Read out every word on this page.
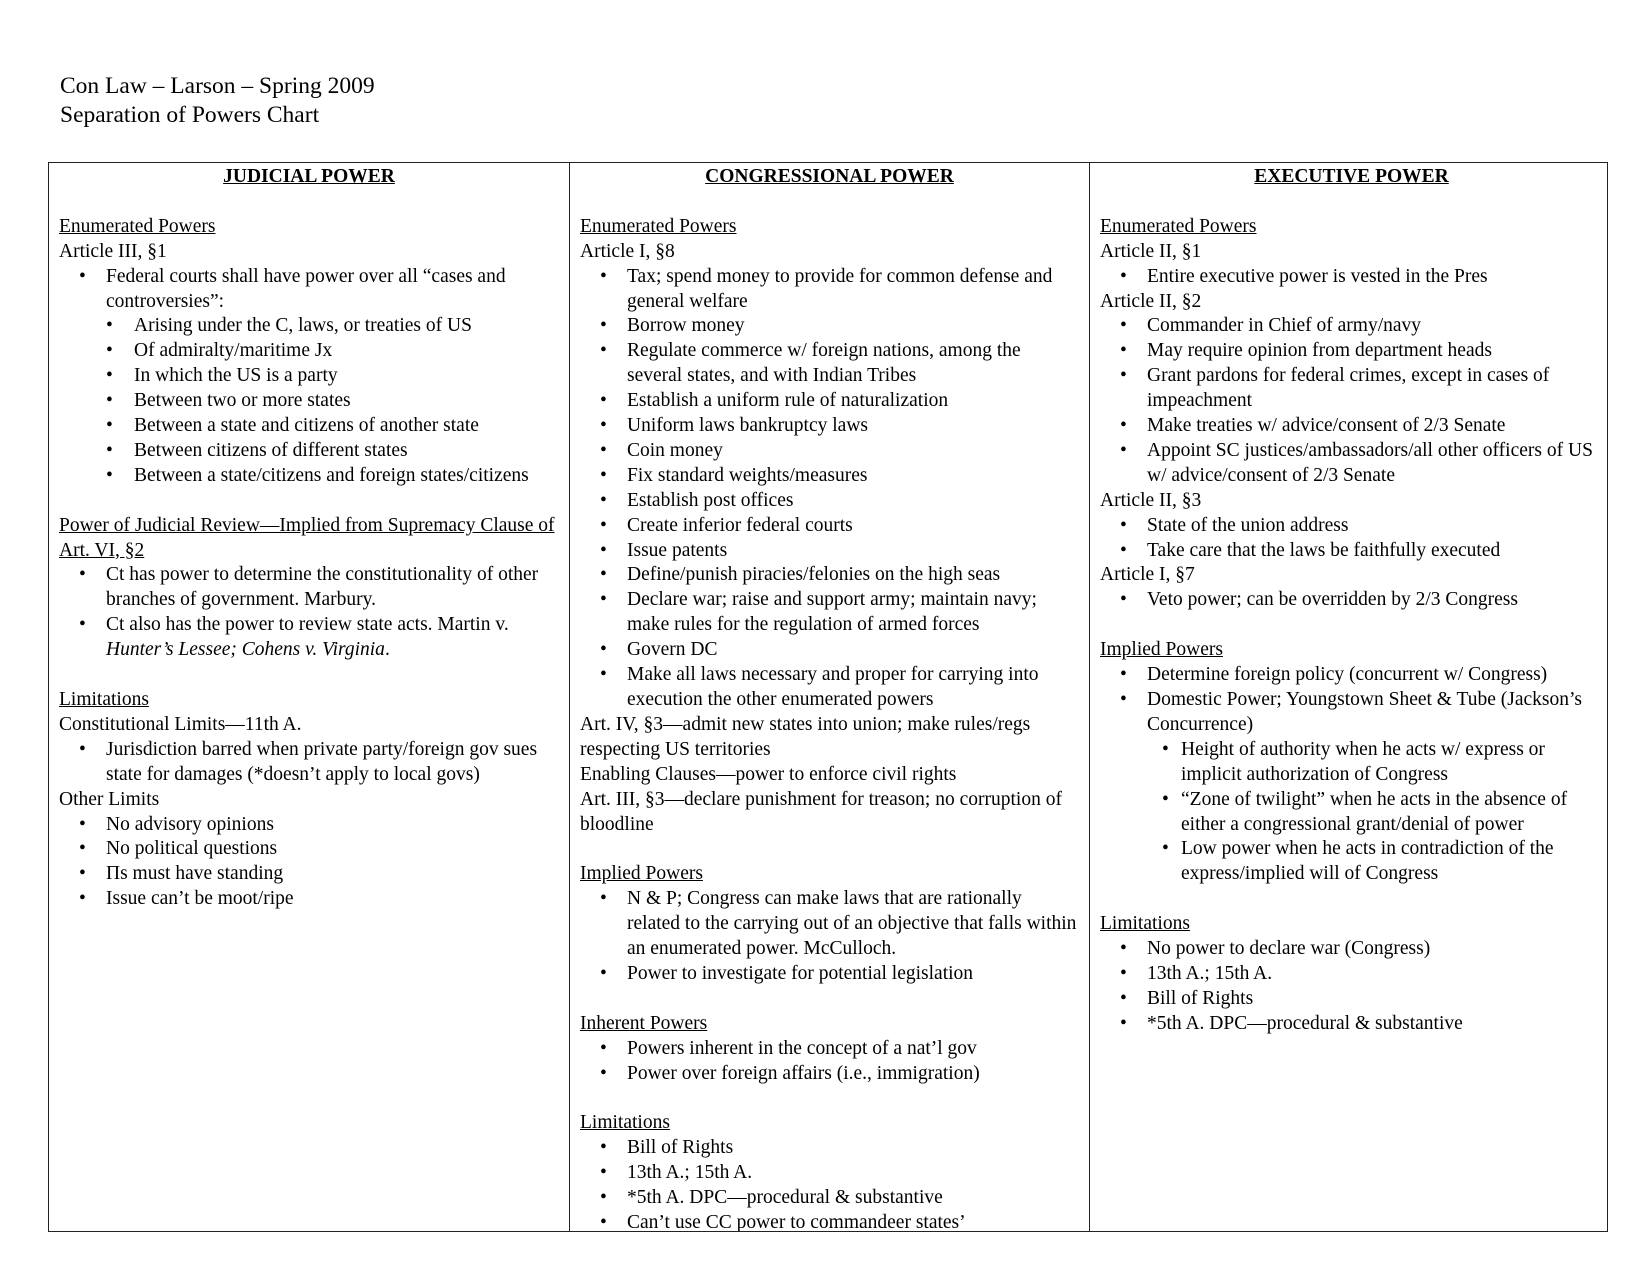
Con Law – Larson – Spring 2009
Separation of Powers Chart
JUDICIAL POWER
Enumerated Powers
Article III, §1
• Federal courts shall have power over all “cases and controversies”:
• Arising under the C, laws, or treaties of US
• Of admiralty/maritime Jx
• In which the US is a party
• Between two or more states
• Between a state and citizens of another state
• Between citizens of different states
• Between a state/citizens and foreign states/citizens
Power of Judicial Review—Implied from Supremacy Clause of Art. VI, §2
• Ct has power to determine the constitutionality of other branches of government. Marbury.
• Ct also has the power to review state acts. Martin v. Hunter’s Lessee; Cohens v. Virginia.
Limitations
Constitutional Limits—11th A.
• Jurisdiction barred when private party/foreign gov sues state for damages (*doesn’t apply to local govs)
Other Limits
• No advisory opinions
• No political questions
• Πs must have standing
• Issue can’t be moot/ripe
CONGRESSIONAL POWER
Enumerated Powers
Article I, §8
• Tax; spend money to provide for common defense and general welfare
• Borrow money
• Regulate commerce w/ foreign nations, among the several states, and with Indian Tribes
• Establish a uniform rule of naturalization
• Uniform laws bankruptcy laws
• Coin money
• Fix standard weights/measures
• Establish post offices
• Create inferior federal courts
• Issue patents
• Define/punish piracies/felonies on the high seas
• Declare war; raise and support army; maintain navy; make rules for the regulation of armed forces
• Govern DC
• Make all laws necessary and proper for carrying into execution the other enumerated powers
Art. IV, §3—admit new states into union; make rules/regs respecting US territories
Enabling Clauses—power to enforce civil rights
Art. III, §3—declare punishment for treason; no corruption of bloodline
Implied Powers
• N & P; Congress can make laws that are rationally related to the carrying out of an objective that falls within an enumerated power. McCulloch.
• Power to investigate for potential legislation
Inherent Powers
• Powers inherent in the concept of a nat’l gov
• Power over foreign affairs (i.e., immigration)
Limitations
• Bill of Rights
• 13th A.; 15th A.
• *5th A. DPC—procedural & substantive
• Can’t use CC power to commandeer states’
EXECUTIVE POWER
Enumerated Powers
Article II, §1
• Entire executive power is vested in the Pres
Article II, §2
• Commander in Chief of army/navy
• May require opinion from department heads
• Grant pardons for federal crimes, except in cases of impeachment
• Make treaties w/ advice/consent of 2/3 Senate
• Appoint SC justices/ambassadors/all other officers of US w/ advice/consent of 2/3 Senate
Article II, §3
• State of the union address
• Take care that the laws be faithfully executed
Article I, §7
• Veto power; can be overridden by 2/3 Congress
Implied Powers
• Determine foreign policy (concurrent w/ Congress)
• Domestic Power; Youngstown Sheet & Tube (Jackson’s Concurrence)
• Height of authority when he acts w/ express or implicit authorization of Congress
• “Zone of twilight” when he acts in the absence of either a congressional grant/denial of power
• Low power when he acts in contradiction of the express/implied will of Congress
Limitations
• No power to declare war (Congress)
• 13th A.; 15th A.
• Bill of Rights
• *5th A. DPC—procedural & substantive
